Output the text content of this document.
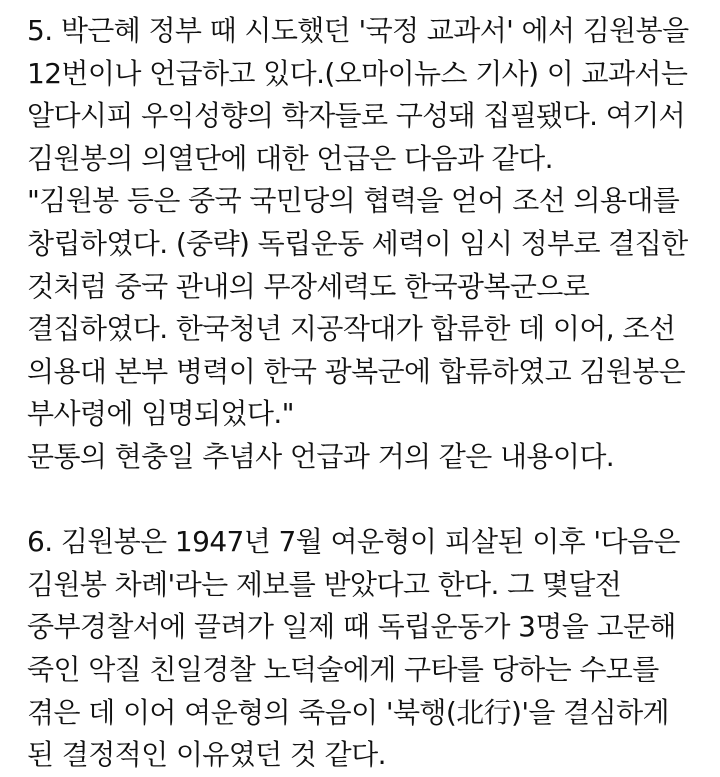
5. 박근혜 정부 때 시도했던 '국정 교과서' 에서 김원봉을
12번이나 언급하고 있다.(오마이뉴스 기사) 이 교과서는
알다시피 우익성향의 학자들로 구성돼 집필됐다. 여기서
김원봉의 의열단에 대한 언급은 다음과 같다.
"김원봉 등은 중국 국민당의 협력을 얻어 조선 의용대를
창립하였다. (중략) 독립운동 세력이 임시 정부로 결집한
것처럼 중국 관내의 무장세력도 한국광복군으로
결집하였다. 한국청년 지공작대가 합류한 데 이어, 조선
의용대 본부 병력이 한국 광복군에 합류하였고 김원봉은
부사령에 임명되었다."
문통의 현충일 추념사 언급과 거의 같은 내용이다.
6. 김원봉은 1947년 7월 여운형이 피살된 이후 '다음은
김원봉 차례'라는 제보를 받았다고 한다. 그 몇달전
중부경찰서에 끌려가 일제 때 독립운동가 3명을 고문해
죽인 악질 친일경찰 노덕술에게 구타를 당하는 수모를
겪은 데 이어 여운형의 죽음이 '북행(北行)'을 결심하게
된 결정적인 이유였던 것 같다.
